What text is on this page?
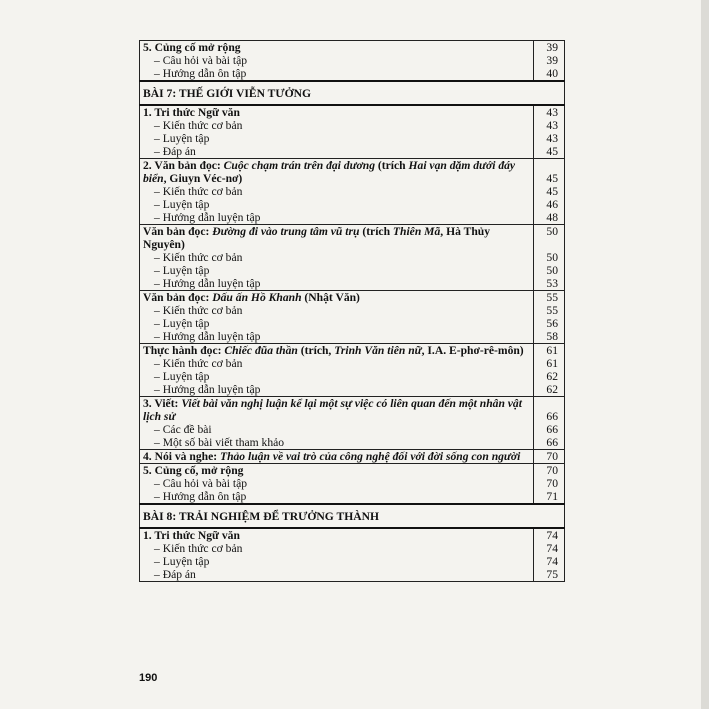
5. Củng cố mở rộng	39
– Câu hỏi và bài tập	39
– Hướng dẫn ôn tập	40
BÀI 7: THẾ GIỚI VIỄN TƯỞNG	
1. Tri thức Ngữ văn	43
– Kiến thức cơ bản	43
– Luyện tập	43
– Đáp án	45
2. Văn bản đọc: Cuộc chạm trán trên đại dương (trích Hai vạn dặm dưới đáy	
biển, Giuyn Véc-nơ)	45
– Kiến thức cơ bản	45
– Luyện tập	46
– Hướng dẫn luyện tập	48
Văn bản đọc: Đường đi vào trung tâm vũ trụ (trích Thiên Mã, Hà Thủy Nguyên)	50
– Kiến thức cơ bản	50
– Luyện tập	50
– Hướng dẫn luyện tập	53
Văn bản đọc: Dấu ấn Hồ Khanh (Nhật Văn)	55
– Kiến thức cơ bản	55
– Luyện tập	56
– Hướng dẫn luyện tập	58
Thực hành đọc: Chiếc đũa thần (trích, Trinh Văn tiên nữ, I.A. E-phơ-rê-môn)	61
– Kiến thức cơ bản	61
– Luyện tập	62
– Hướng dẫn luyện tập	62
3. Viết: Viết bài văn nghị luận kể lại một sự việc có liên quan đến một nhân vật	
lịch sử	66
– Các đề bài	66
– Một số bài viết tham khảo	66
4. Nói và nghe: Thảo luận về vai trò của công nghệ đối với đời sống con người	70
5. Củng cố, mở rộng	70
– Câu hỏi và bài tập	70
– Hướng dẫn ôn tập	71
BÀI 8: TRẢI NGHIỆM ĐỂ TRƯỞNG THÀNH	
1. Tri thức Ngữ văn	74
– Kiến thức cơ bản	74
– Luyện tập	74
– Đáp án	75
190
